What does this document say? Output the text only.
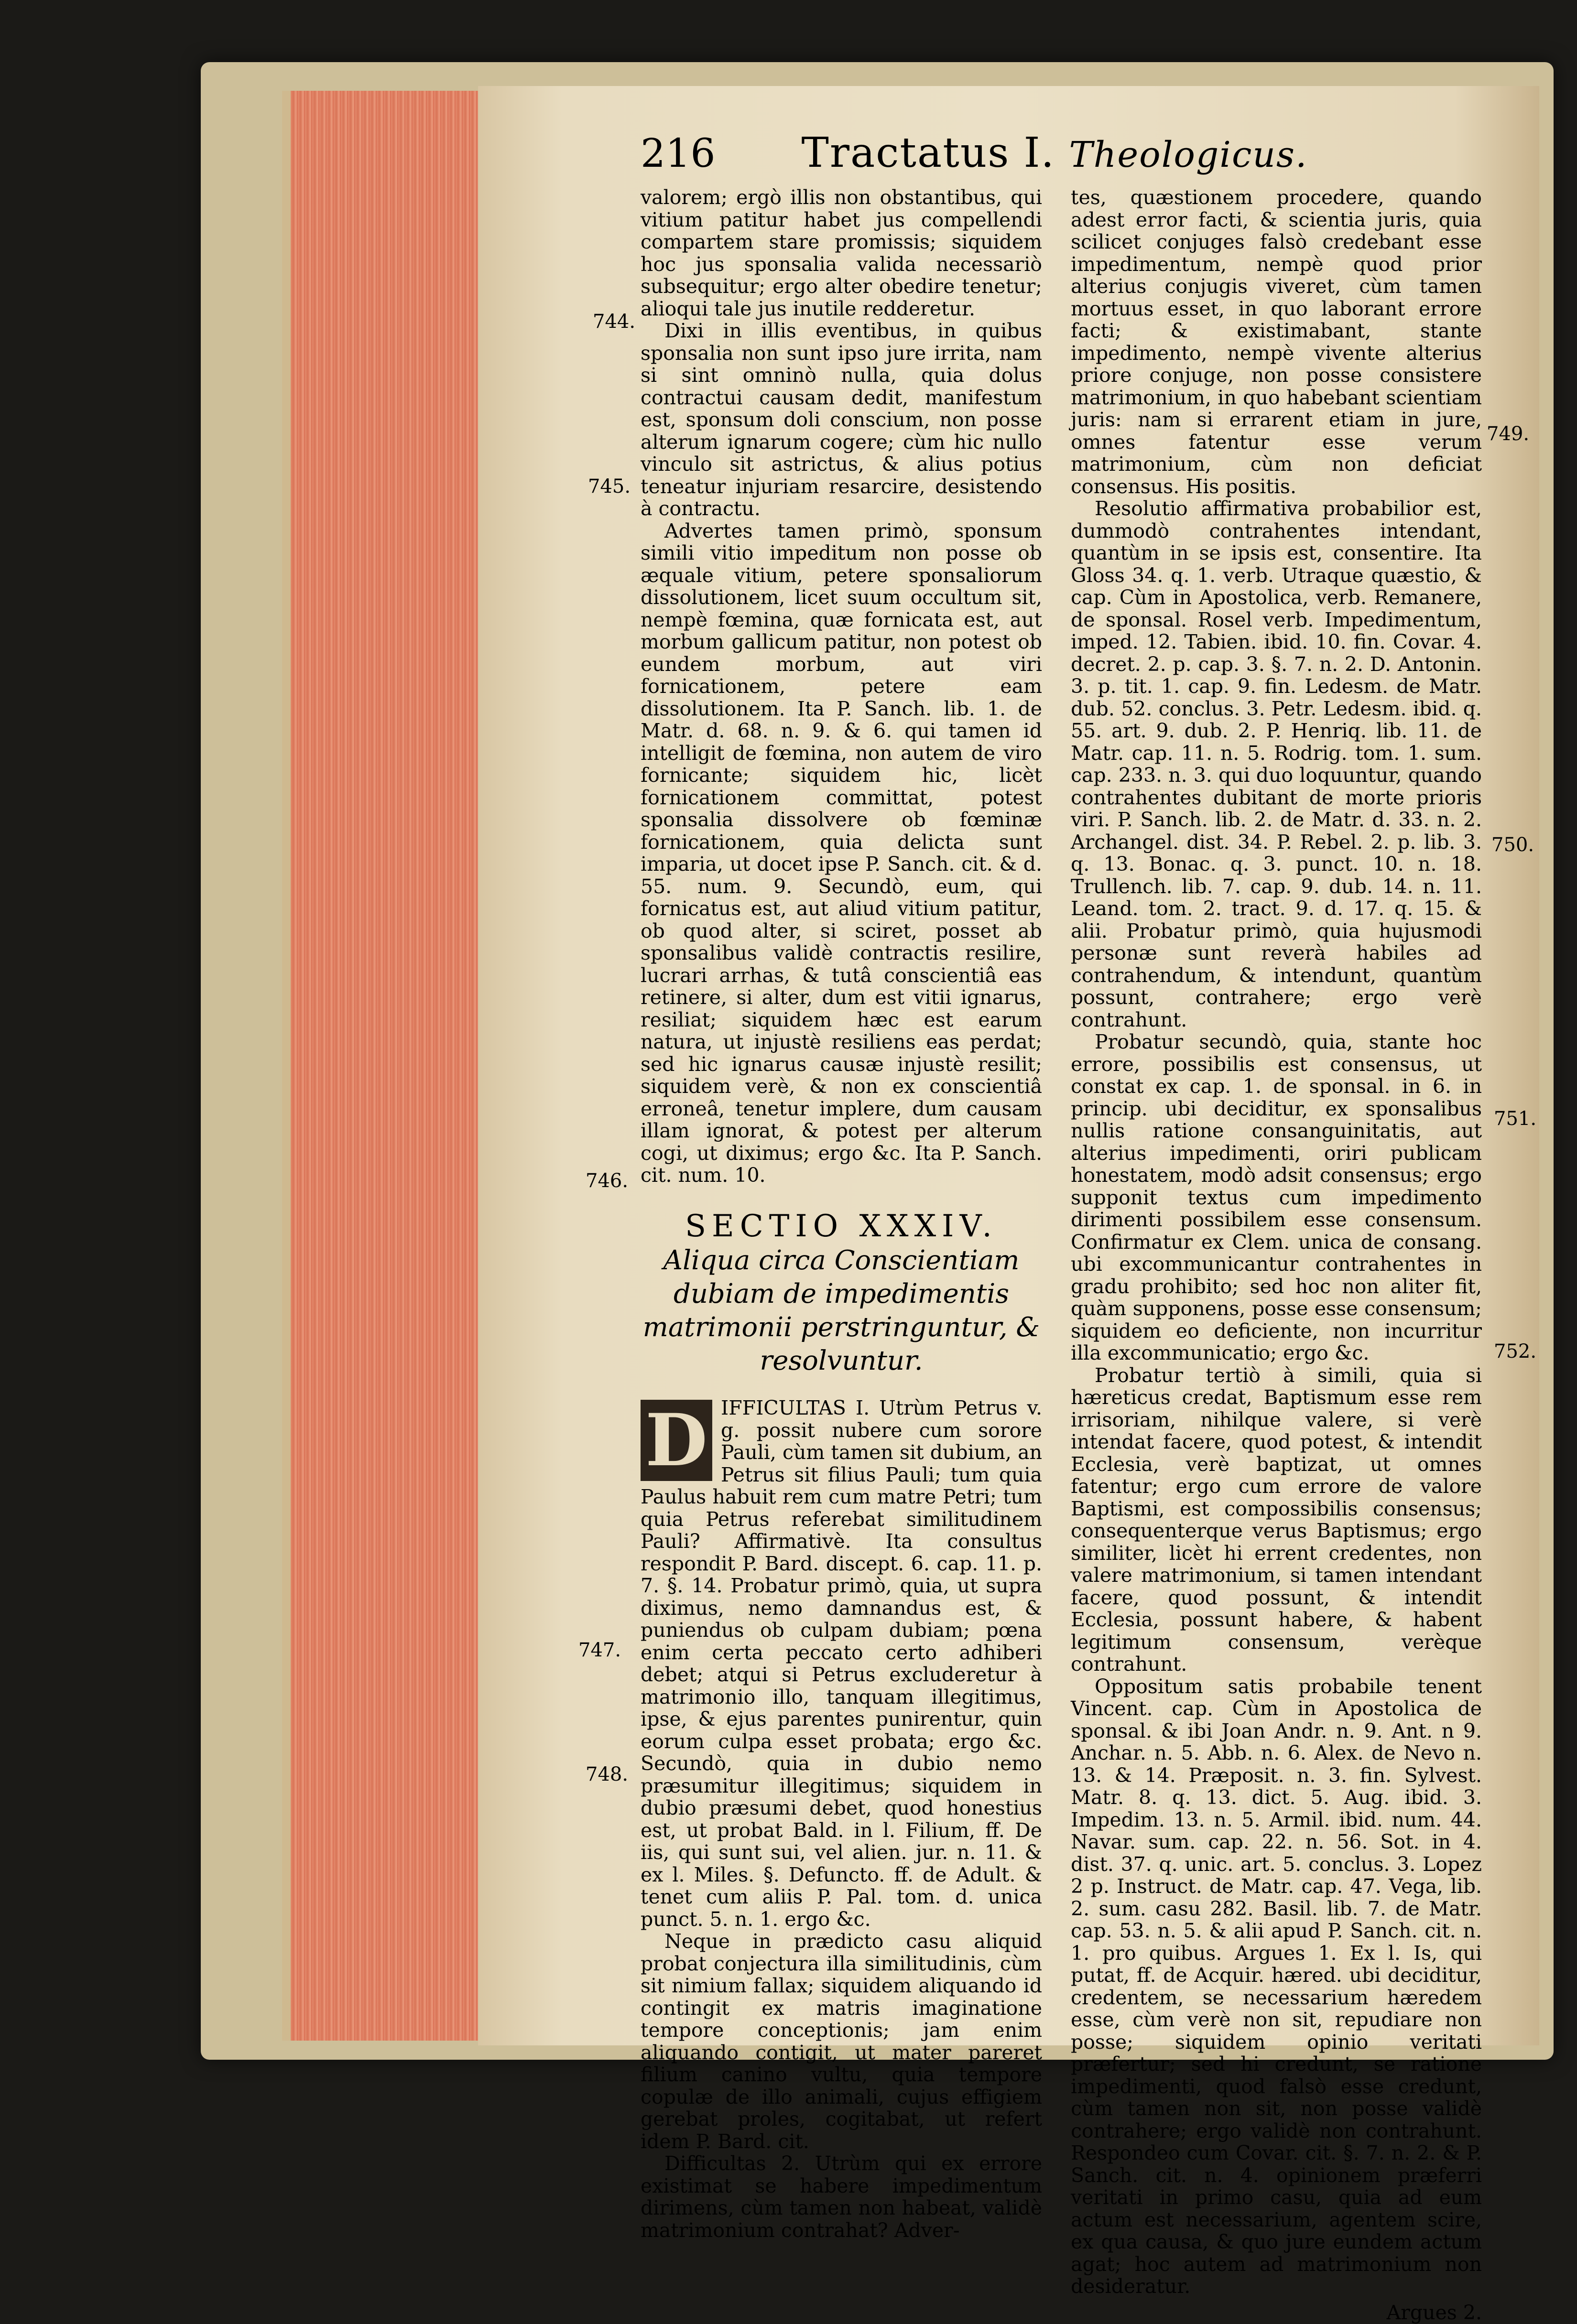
216 Tractatus I. Theologicus.
744.
745.
746.
747.
748.
749.
750.
751.
752.

valorem; ergò illis non obstantibus, qui vitium patitur habet jus compellendi compartem stare promissis; siquidem hoc jus sponsalia valida necessariò subsequitur; ergo alter obedire tenetur; alioqui tale jus inutile redderetur.

Dixi in illis eventibus, in quibus sponsalia non sunt ipso jure irrita, nam si sint omninò nulla, quia dolus contractui causam dedit, manifestum est, sponsum doli conscium, non posse alterum ignarum cogere; cùm hic nullo vinculo sit astrictus, & alius potius teneatur injuriam resarcire, desistendo à contractu.

Advertes tamen primò, sponsum simili vitio impeditum non posse ob æquale vitium, petere sponsaliorum dissolutionem, licet suum occultum sit, nempè fœmina, quæ fornicata est, aut morbum gallicum patitur, non potest ob eundem morbum, aut viri fornicationem, petere eam dissolutionem. Ita P. Sanch. lib. 1. de Matr. d. 68. n. 9. & 6. qui tamen id intelligit de fœmina, non autem de viro fornicante; siquidem hic, licèt fornicationem committat, potest sponsalia dissolvere ob fœminæ fornicationem, quia delicta sunt imparia, ut docet ipse P. Sanch. cit. & d. 55. num. 9. Secundò, eum, qui fornicatus est, aut aliud vitium patitur, ob quod alter, si sciret, posset ab sponsalibus validè contractis resilire, lucrari arrhas, & tutâ conscientiâ eas retinere, si alter, dum est vitii ignarus, resiliat; siquidem hæc est earum natura, ut injustè resiliens eas perdat; sed hic ignarus causæ injustè resilit; siquidem verè, & non ex conscientiâ erroneâ, tenetur implere, dum causam illam ignorat, & potest per alterum cogi, ut diximus; ergo &c. Ita P. Sanch. cit. num. 10.

SECTIO XXXIV.
Aliqua circa Conscientiam dubiam de impedimentis matrimonii perstringuntur, & resolvuntur.

D IFFICULTAS I. Utrùm Petrus v. g. possit nubere cum sorore Pauli, cùm tamen sit dubium, an Petrus sit filius Pauli; tum quia Paulus habuit rem cum matre Petri; tum quia Petrus referebat similitudinem Pauli? Affirmativè. Ita consultus respondit P. Bard. discept. 6. cap. 11. p. 7. §. 14. Probatur primò, quia, ut supra diximus, nemo damnandus est, & puniendus ob culpam dubiam; pœna enim certa peccato certo adhiberi debet; atqui si Petrus excluderetur à matrimonio illo, tanquam illegitimus, ipse, & ejus parentes punirentur, quin eorum culpa esset probata; ergo &c. Secundò, quia in dubio nemo præsumitur illegitimus; siquidem in dubio præsumi debet, quod honestius est, ut probat Bald. in l. Filium, ff. De iis, qui sunt sui, vel alien. jur. n. 11. & ex l. Miles. §. Defuncto. ff. de Adult. & tenet cum aliis P. Pal. tom. d. unica punct. 5. n. 1. ergo &c.

Neque in prædicto casu aliquid probat conjectura illa similitudinis, cùm sit nimium fallax; siquidem aliquando id contingit ex matris imaginatione tempore conceptionis; jam enim aliquando contigit, ut mater pareret filium canino vultu, quia tempore copulæ de illo animali, cujus effigiem gerebat proles, cogitabat, ut refert idem P. Bard. cit.

Difficultas 2. Utrùm qui ex errore existimat se habere impedimentum dirimens, cùm tamen non habeat, validè matrimonium contrahat? Adver-

tes, quæstionem procedere, quando adest error facti, & scientia juris, quia scilicet conjuges falsò credebant esse impedimentum, nempè quod prior alterius conjugis viveret, cùm tamen mortuus esset, in quo laborant errore facti; & existimabant, stante impedimento, nempè vivente alterius priore conjuge, non posse consistere matrimonium, in quo habebant scientiam juris: nam si errarent etiam in jure, omnes fatentur esse verum matrimonium, cùm non deficiat consensus. His positis.

Resolutio affirmativa probabilior est, dummodò contrahentes intendant, quantùm in se ipsis est, consentire. Ita Gloss 34. q. 1. verb. Utraque quæstio, & cap. Cùm in Apostolica, verb. Remanere, de sponsal. Rosel verb. Impedimentum, imped. 12. Tabien. ibid. 10. fin. Covar. 4. decret. 2. p. cap. 3. §. 7. n. 2. D. Antonin. 3. p. tit. 1. cap. 9. fin. Ledesm. de Matr. dub. 52. conclus. 3. Petr. Ledesm. ibid. q. 55. art. 9. dub. 2. P. Henriq. lib. 11. de Matr. cap. 11. n. 5. Rodrig. tom. 1. sum. cap. 233. n. 3. qui duo loquuntur, quando contrahentes dubitant de morte prioris viri. P. Sanch. lib. 2. de Matr. d. 33. n. 2. Archangel. dist. 34. P. Rebel. 2. p. lib. 3. q. 13. Bonac. q. 3. punct. 10. n. 18. Trullench. lib. 7. cap. 9. dub. 14. n. 11. Leand. tom. 2. tract. 9. d. 17. q. 15. & alii. Probatur primò, quia hujusmodi personæ sunt reverà habiles ad contrahendum, & intendunt, quantùm possunt, contrahere; ergo verè contrahunt.

Probatur secundò, quia, stante hoc errore, possibilis est consensus, ut constat ex cap. 1. de sponsal. in 6. in princip. ubi deciditur, ex sponsalibus nullis ratione consanguinitatis, aut alterius impedimenti, oriri publicam honestatem, modò adsit consensus; ergo supponit textus cum impedimento dirimenti possibilem esse consensum. Confirmatur ex Clem. unica de consang. ubi excommunicantur contrahentes in gradu prohibito; sed hoc non aliter fit, quàm supponens, posse esse consensum; siquidem eo deficiente, non incurritur illa excommunicatio; ergo &c.

Probatur tertiò à simili, quia si hæreticus credat, Baptismum esse rem irrisoriam, nihilque valere, si verè intendat facere, quod potest, & intendit Ecclesia, verè baptizat, ut omnes fatentur; ergo cum errore de valore Baptismi, est compossibilis consensus; consequenterque verus Baptismus; ergo similiter, licèt hi errent credentes, non valere matrimonium, si tamen intendant facere, quod possunt, & intendit Ecclesia, possunt habere, & habent legitimum consensum, verèque contrahunt.

Oppositum satis probabile tenent Vincent. cap. Cùm in Apostolica de sponsal. & ibi Joan Andr. n. 9. Ant. n 9. Anchar. n. 5. Abb. n. 6. Alex. de Nevo n. 13. & 14. Præposit. n. 3. fin. Sylvest. Matr. 8. q. 13. dict. 5. Aug. ibid. 3. Impedim. 13. n. 5. Armil. ibid. num. 44. Navar. sum. cap. 22. n. 56. Sot. in 4. dist. 37. q. unic. art. 5. conclus. 3. Lopez 2 p. Instruct. de Matr. cap. 47. Vega, lib. 2. sum. casu 282. Basil. lib. 7. de Matr. cap. 53. n. 5. & alii apud P. Sanch. cit. n. 1. pro quibus. Argues 1. Ex l. Is, qui putat, ff. de Acquir. hæred. ubi deciditur, credentem, se necessarium hæredem esse, cùm verè non sit, repudiare non posse; siquidem opinio veritati præfertur; sed hi credunt, se ratione impedimenti, quod falsò esse credunt, cùm tamen non sit, non posse validè contrahere; ergo validè non contrahunt. Respondeo cum Covar. cit. §. 7. n. 2. & P. Sanch. cit. n. 4. opinionem præferri veritati in primo casu, quia ad eum actum est necessarium, agentem scire, ex qua causa, & quo jure eundem actum agat; hoc autem ad matrimonium non desideratur.

Argues 2.
